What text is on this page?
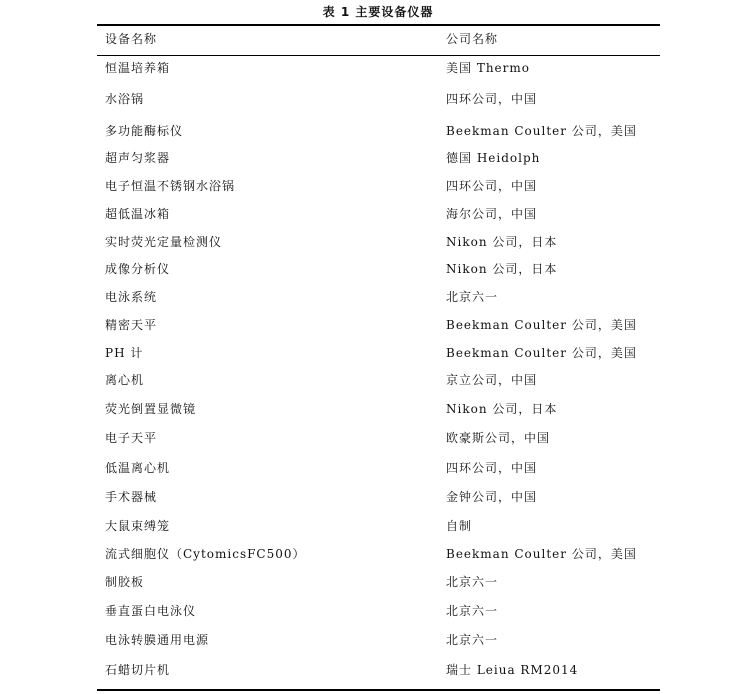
表 1 主要设备仪器
设备名称	公司名称
恒温培养箱	美国 Thermo
水浴锅	四环公司，中国
多功能酶标仪	Beekman Coulter 公司，美国
超声匀浆器	德国 Heidolph
电子恒温不锈钢水浴锅	四环公司，中国
超低温冰箱	海尔公司，中国
实时荧光定量检测仪	Nikon 公司，日本
成像分析仪	Nikon 公司，日本
电泳系统	北京六一
精密天平	Beekman Coulter 公司，美国
PH 计	Beekman Coulter 公司，美国
离心机	京立公司，中国
荧光倒置显微镜	Nikon 公司，日本
电子天平	欧豪斯公司，中国
低温离心机	四环公司，中国
手术器械	金钟公司，中国
大鼠束缚笼	自制
流式细胞仪（CytomicsFC500）	Beekman Coulter 公司，美国
制胶板	北京六一
垂直蛋白电泳仪	北京六一
电泳转膜通用电源	北京六一
石蜡切片机	瑞士 Leiua RM2014
